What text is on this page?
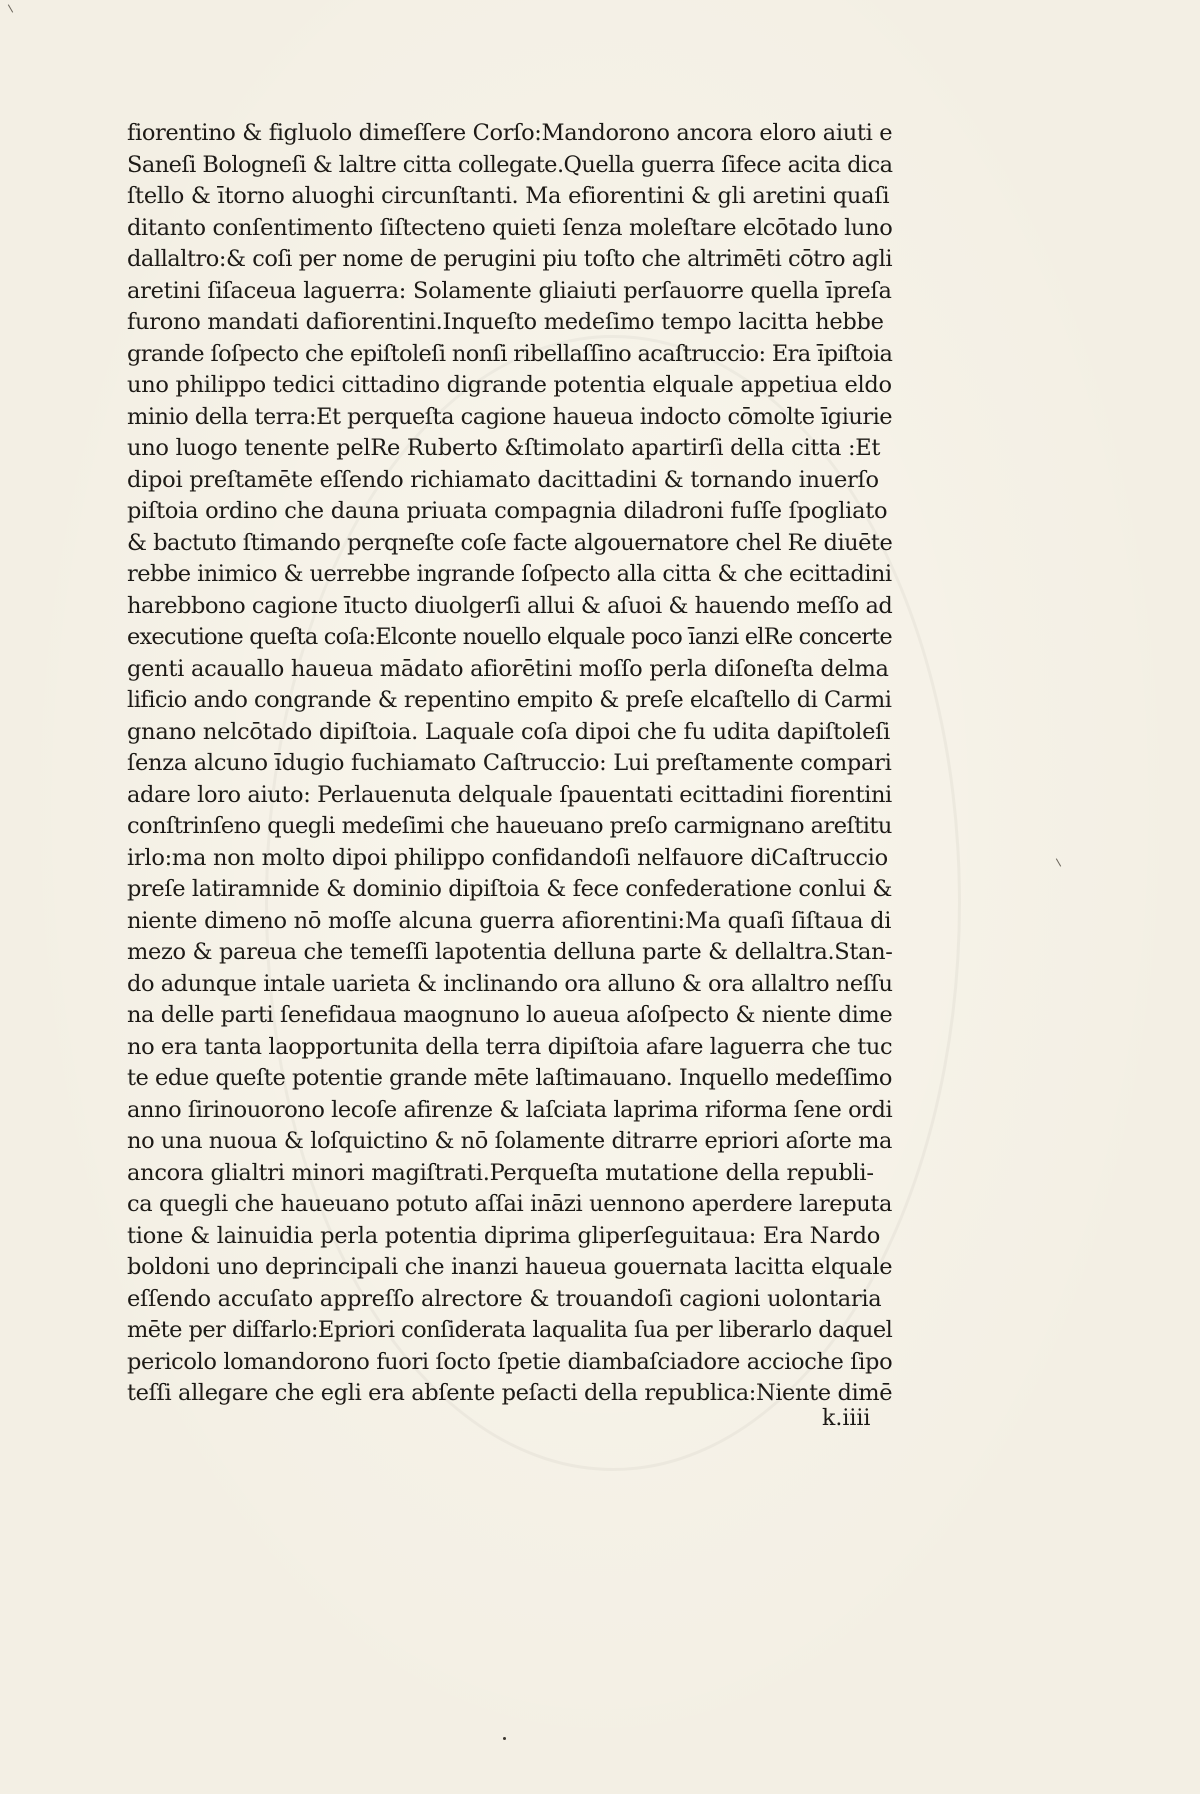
fiorentino & figluolo dimeſſere Corſo:Mandorono ancora eloro aiuti e
Saneſi Bologneſi & laltre citta collegate.Quella guerra ſifece acita dica
ſtello & ītorno aluoghi circunſtanti. Ma efiorentini & gli aretini quaſi
ditanto conſentimento ſiſtecteno quieti ſenza moleſtare elcōtado luno
dallaltro:& coſi per nome de perugini piu toſto che altrimēti cōtro agli
aretini ſiſaceua laguerra: Solamente gliaiuti perſauorre quella īpreſa
furono mandati dafiorentini.Inqueſto medeſimo tempo lacitta hebbe
grande ſoſpecto che epiſtoleſi nonſi ribellaſſino acaſtruccio: Era īpiſtoia
uno philippo tedici cittadino digrande potentia elquale appetiua eldo
minio della terra:Et perqueſta cagione haueua indocto cōmolte īgiurie
uno luogo tenente pelRe Ruberto &ſtimolato apartirſi della citta :Et
dipoi preſtamēte eſſendo richiamato dacittadini & tornando inuerſo
piſtoia ordino che dauna priuata compagnia diladroni fuſſe ſpogliato
& bactuto ſtimando perqneſte coſe facte algouernatore chel Re diuēte
rebbe inimico & uerrebbe ingrande ſoſpecto alla citta & che ecittadini
harebbono cagione ītucto diuolgerſi allui & aſuoi & hauendo meſſo ad
executione queſta coſa:Elconte nouello elquale poco īanzi elRe concerte
genti acauallo haueua mādato afiorētini moſſo perla diſoneſta delma
lificio ando congrande & repentino empito & preſe elcaſtello di Carmi
gnano nelcōtado dipiſtoia. Laquale coſa dipoi che fu udita dapiſtoleſi
ſenza alcuno īdugio fuchiamato Caſtruccio: Lui preſtamente compari
adare loro aiuto: Perlauenuta delquale ſpauentati ecittadini fiorentini
conſtrinſeno quegli medeſimi che haueuano preſo carmignano areſtitu
irlo:ma non molto dipoi philippo confidandoſi nelfauore diCaſtruccio
preſe latiramnide & dominio dipiſtoia & fece confederatione conlui &
niente dimeno nō moſſe alcuna guerra afiorentini:Ma quaſi ſiſtaua di
mezo & pareua che temeſſi lapotentia delluna parte & dellaltra.Stan-
do adunque intale uarieta & inclinando ora alluno & ora allaltro neſſu
na delle parti ſenefidaua maognuno lo aueua aſoſpecto & niente dime
no era tanta laopportunita della terra dipiſtoia afare laguerra che tuc
te edue queſte potentie grande mēte laſtimauano. Inquello medeſſimo
anno ſirinouorono lecoſe afirenze & laſciata laprima riforma ſene ordi
no una nuoua & loſquictino & nō ſolamente ditrarre epriori aſorte ma
ancora glialtri minori magiſtrati.Perqueſta mutatione della republi-
ca quegli che haueuano potuto aſſai ināzi uennono aperdere lareputa
tione & lainuidia perla potentia diprima gliperſeguitaua: Era Nardo
boldoni uno deprincipali che inanzi haueua gouernata lacitta elquale
eſſendo accuſato appreſſo alrectore & trouandoſi cagioni uolontaria
mēte per diſfarlo:Epriori conſiderata laqualita ſua per liberarlo daquel
pericolo lomandorono fuori ſocto ſpetie diambaſciadore accioche ſipo
teſſi allegare che egli era abſente peſacti della republica:Niente dimē
k.iiii
